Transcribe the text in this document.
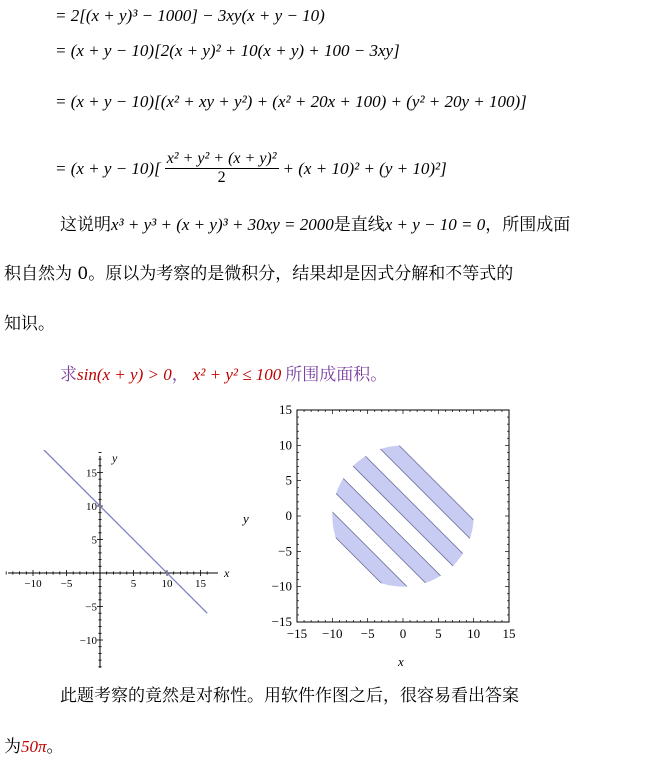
= 2[(x + y)³ − 1000] − 3xy(x + y − 10)
= (x + y − 10)[2(x + y)² + 10(x + y) + 100 − 3xy]
= (x + y − 10)[(x² + xy + y²) + (x² + 20x + 100) + (y² + 20y + 100)]
= $(x + y - 10)[ \frac{\text{x² + y² + (x + y)²}}{2} + (x + 10)^2 + (y + 10)^2]$
这说明x³ + y³ + (x + y)³ + 30xy = 2000是直线x + y − 10 = 0，所围成面
积自然为 0。原以为考察的是微积分，结果却是因式分解和不等式的
知识。
求sin(x + y) > 0， x² + y² ≤ 100 所围成面积。
x
y
−10 −5	5 10 15
15
10
5
−5
−10	−15 −10 −5 0 5 10 15
15
10
5
0
−5
−10
−15
x
y
此题考察的竟然是对称性。用软件作图之后，很容易看出答案
为50π。
